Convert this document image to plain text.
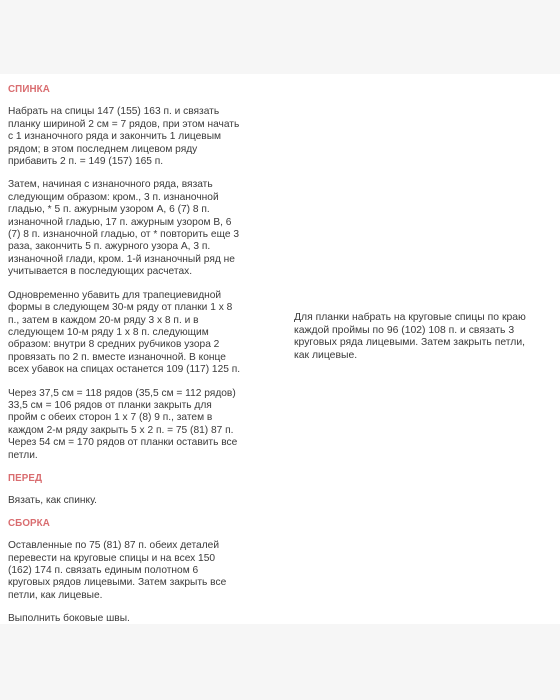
СПИНКА
Набрать на спицы 147 (155) 163 п. и связать
планку шириной 2 см = 7 рядов, при этом начать
с 1 изнаночного ряда и закончить 1 лицевым
рядом; в этом последнем лицевом ряду
прибавить 2 п. = 149 (157) 165 п.
Затем, начиная с изнаночного ряда, вязать
следующим образом: кром., 3 п. изнаночной
гладью, * 5 п. ажурным узором А, 6 (7) 8 п.
изнаночной гладью, 17 п. ажурным узором B, 6
(7) 8 п. изнаночной гладью, от * повторить еще 3
раза, закончить 5 п. ажурного узора А, 3 п.
изнаночной глади, кром. 1-й изнаночный ряд не
учитывается в последующих расчетах.
Одновременно убавить для трапециевидной
формы в следующем 30-м ряду от планки 1 х 8
п., затем в каждом 20-м ряду 3 х 8 п. и в
следующем 10-м ряду 1 х 8 п. следующим
образом: внутри 8 средних рубчиков узора 2
провязать по 2 п. вместе изнаночной. В конце
всех убавок на спицах останется 109 (117) 125 п.
Через 37,5 см = 118 рядов (35,5 см = 112 рядов)
33,5 см = 106 рядов от планки закрыть для
пройм с обеих сторон 1 х 7 (8) 9 п., затем в
каждом 2-м ряду закрыть 5 х 2 п. = 75 (81) 87 п.
Через 54 см = 170 рядов от планки оставить все
петли.
ПЕРЕД
Вязать, как спинку.
СБОРКА
Оставленные по 75 (81) 87 п. обеих деталей
перевести на круговые спицы и на всех 150
(162) 174 п. связать единым полотном 6
круговых рядов лицевыми. Затем закрыть все
петли, как лицевые.
Выполнить боковые швы.
Для планки набрать на круговые спицы по краю
каждой проймы по 96 (102) 108 п. и связать 3
круговых ряда лицевыми. Затем закрыть петли,
как лицевые.
